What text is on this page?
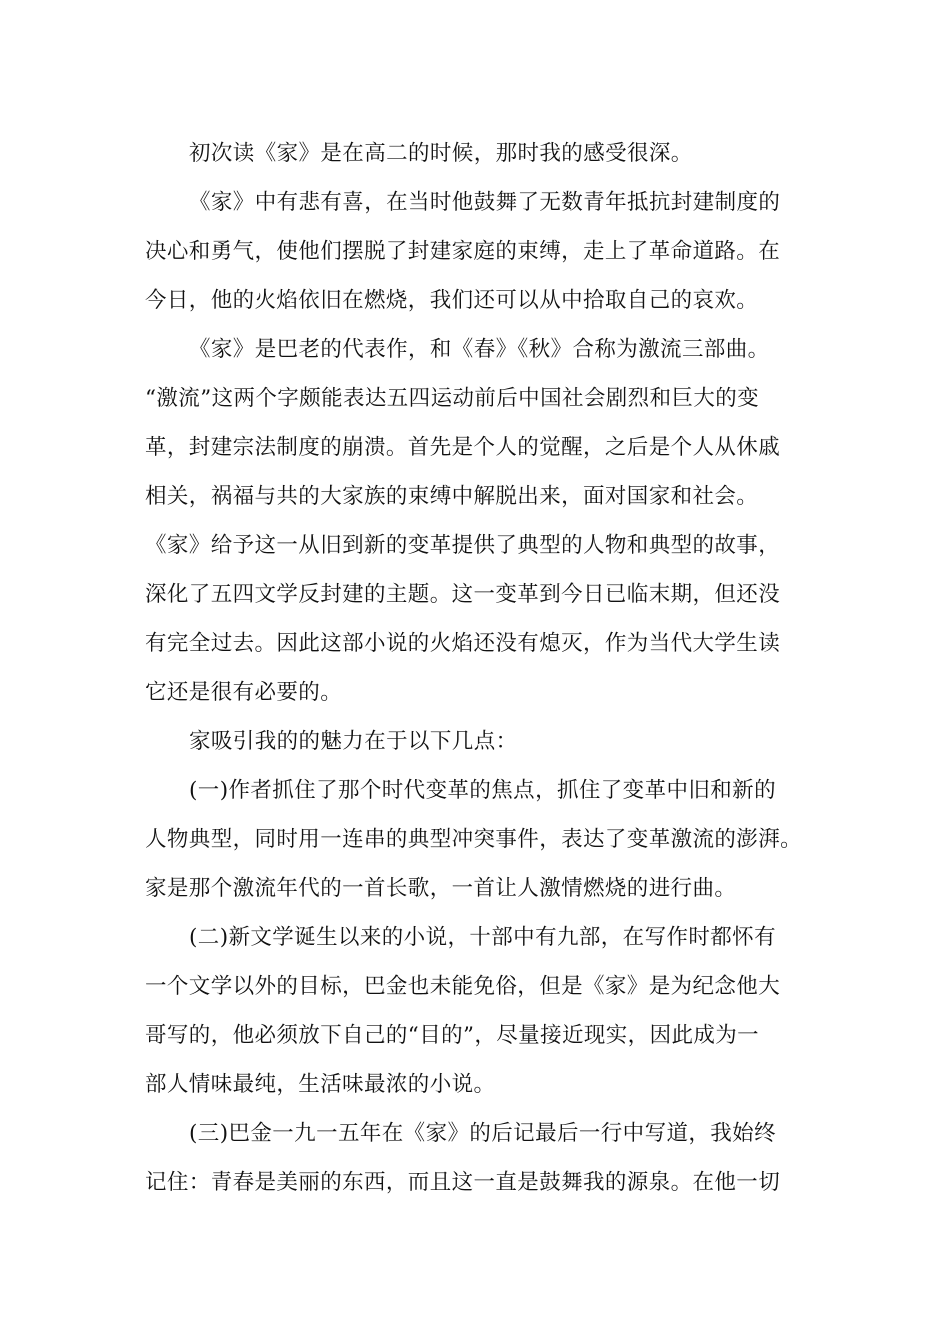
初次读《家》是在高二的时候，那时我的感受很深。
《家》中有悲有喜，在当时他鼓舞了无数青年抵抗封建制度的
决心和勇气，使他们摆脱了封建家庭的束缚，走上了革命道路。在
今日，他的火焰依旧在燃烧，我们还可以从中拾取自己的哀欢。
《家》是巴老的代表作，和《春》《秋》合称为激流三部曲。
“激流”这两个字颇能表达五四运动前后中国社会剧烈和巨大的变
革，封建宗法制度的崩溃。首先是个人的觉醒，之后是个人从休戚
相关，祸福与共的大家族的束缚中解脱出来，面对国家和社会。
《家》给予这一从旧到新的变革提供了典型的人物和典型的故事，
深化了五四文学反封建的主题。这一变革到今日已临末期，但还没
有完全过去。因此这部小说的火焰还没有熄灭，作为当代大学生读
它还是很有必要的。
家吸引我的的魅力在于以下几点：
(一)作者抓住了那个时代变革的焦点，抓住了变革中旧和新的
人物典型，同时用一连串的典型冲突事件，表达了变革激流的澎湃。
家是那个激流年代的一首长歌，一首让人激情燃烧的进行曲。
(二)新文学诞生以来的小说，十部中有九部，在写作时都怀有
一个文学以外的目标，巴金也未能免俗，但是《家》是为纪念他大
哥写的，他必须放下自己的“目的”，尽量接近现实，因此成为一
部人情味最纯，生活味最浓的小说。
(三)巴金一九一五年在《家》的后记最后一行中写道，我始终
记住：青春是美丽的东西，而且这一直是鼓舞我的源泉。在他一切
